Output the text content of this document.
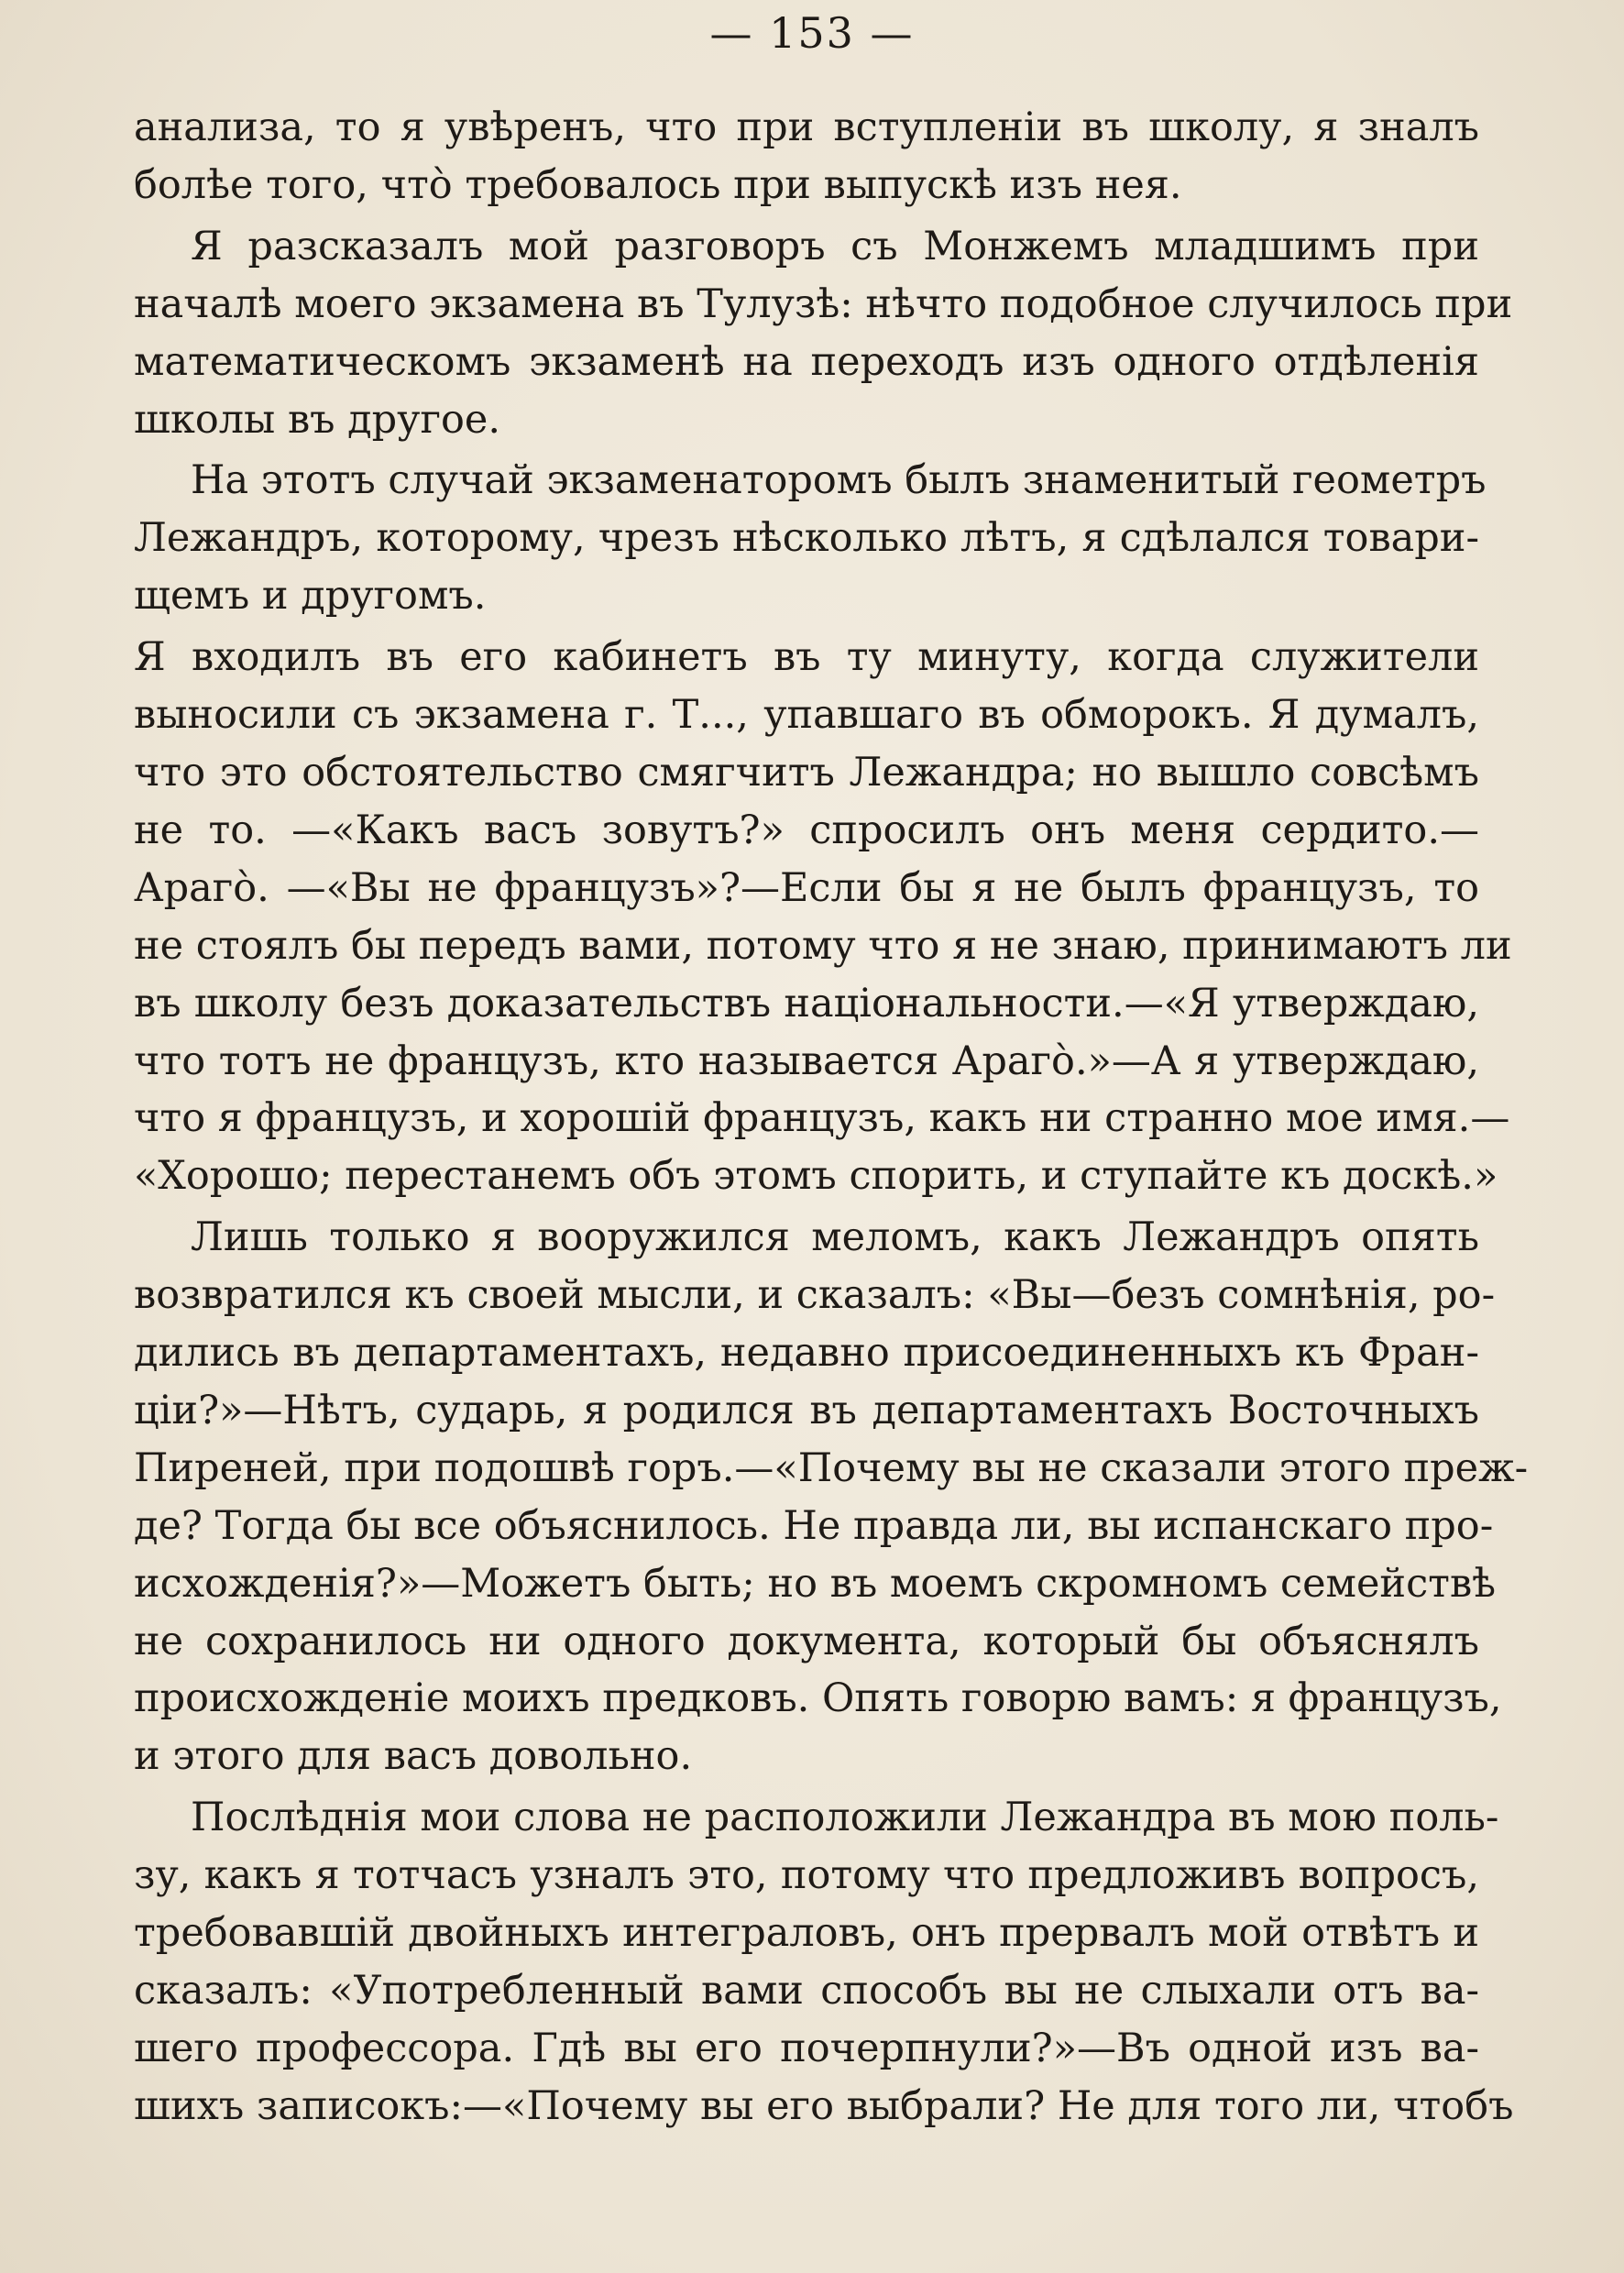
— 153 —

анализа, то я увѣренъ, что при вступленіи въ школу, я зналъ
болѣе того, что̀ требовалось при выпускѣ изъ нея.

Я разсказалъ мой разговоръ съ Монжемъ младшимъ при
началѣ моего экзамена въ Тулузѣ: нѣчто подобное случилось при
математическомъ экзаменѣ на переходъ изъ одного отдѣленія
школы въ другое.

На этотъ случай экзаменаторомъ былъ знаменитый геометръ
Лежандръ, которому, чрезъ нѣсколько лѣтъ, я сдѣлался товари-
щемъ и другомъ.

Я входилъ въ его кабинетъ въ ту минуту, когда служители
выносили съ экзамена г. Т..., упавшаго въ обморокъ. Я думалъ,
что это обстоятельство смягчитъ Лежандра; но вышло совсѣмъ
не то. —«Какъ васъ зовутъ?» спросилъ онъ меня сердито.—
Араго̀. —«Вы не французъ»?—Если бы я не былъ французъ, то
не стоялъ бы передъ вами, потому что я не знаю, принимаютъ ли
въ школу безъ доказательствъ національности.—«Я утверждаю,
что тотъ не французъ, кто называется Араго̀.»—А я утверждаю,
что я французъ, и хорошій французъ, какъ ни странно мое имя.—
«Хорошо; перестанемъ объ этомъ спорить, и ступайте къ доскѣ.»

Лишь только я вооружился меломъ, какъ Лежандръ опять
возвратился къ своей мысли, и сказалъ: «Вы—безъ сомнѣнія, ро-
дились въ департаментахъ, недавно присоединенныхъ къ Фран-
ціи?»—Нѣтъ, сударь, я родился въ департаментахъ Восточныхъ
Пиреней, при подошвѣ горъ.—«Почему вы не сказали этого преж-
де? Тогда бы все объяснилось. Не правда ли, вы испанскаго про-
исхожденія?»—Можетъ быть; но въ моемъ скромномъ семействѣ
не сохранилось ни одного документа, который бы объяснялъ
происхожденіе моихъ предковъ. Опять говорю вамъ: я французъ,
и этого для васъ довольно.

Послѣднія мои слова не расположили Лежандра въ мою поль-
зу, какъ я тотчасъ узналъ это, потому что предложивъ вопросъ,
требовавшій двойныхъ интеграловъ, онъ прервалъ мой отвѣтъ и
сказалъ: «Употребленный вами способъ вы не слыхали отъ ва-
шего профессора. Гдѣ вы его почерпнули?»—Въ одной изъ ва-
шихъ записокъ:—«Почему вы его выбрали? Не для того ли, чтобъ
